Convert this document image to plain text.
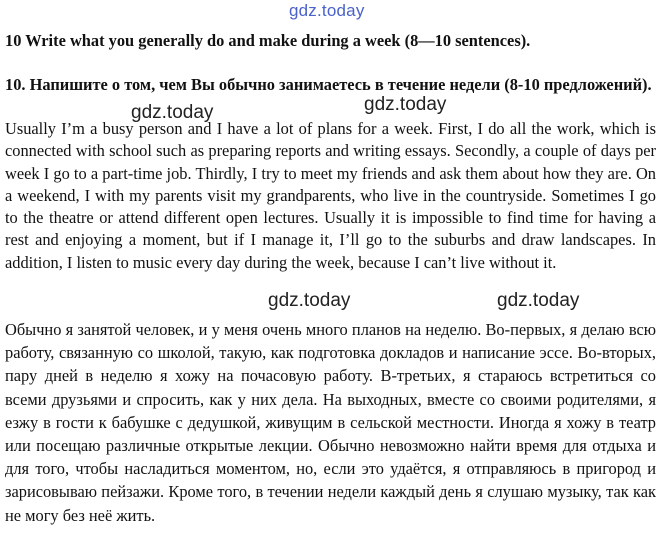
gdz.today
10 Write what you generally do and make during a week (8—10 sentences).
10. Напишите о том, чем Вы обычно занимаетесь в течение недели (8-10 предложений).
gdz.today	gdz.today
Usually I’m a busy person and I have a lot of plans for a week. First, I do all the work, which is connected with school such as preparing reports and writing essays. Secondly, a couple of days per week I go to a part-time job. Thirdly, I try to meet my friends and ask them about how they are. On a weekend, I with my parents visit my grandparents, who live in the countryside. Sometimes I go to the theatre or attend different open lectures. Usually it is impossible to find time for having a rest and enjoying a moment, but if I manage it, I’ll go to the suburbs and draw landscapes. In addition, I listen to music every day during the week, because I can’t live without it.
gdz.today	gdz.today
Обычно я занятой человек, и у меня очень много планов на неделю. Во-первых, я делаю всю работу, связанную со школой, такую, как подготовка докладов и написание эссе. Во-вторых, пару дней в неделю я хожу на почасовую работу. В-третьих, я стараюсь встретиться со всеми друзьями и спросить, как у них дела. На выходных, вместе со своими родителями, я езжу в гости к бабушке с дедушкой, живущим в сельской местности. Иногда я хожу в театр или посещаю различные открытые лекции. Обычно невозможно найти время для отдыха и для того, чтобы насладиться моментом, но, если это удаётся, я отправляюсь в пригород и зарисовываю пейзажи. Кроме того, в течении недели каждый день я слушаю музыку, так как не могу без неё жить.
